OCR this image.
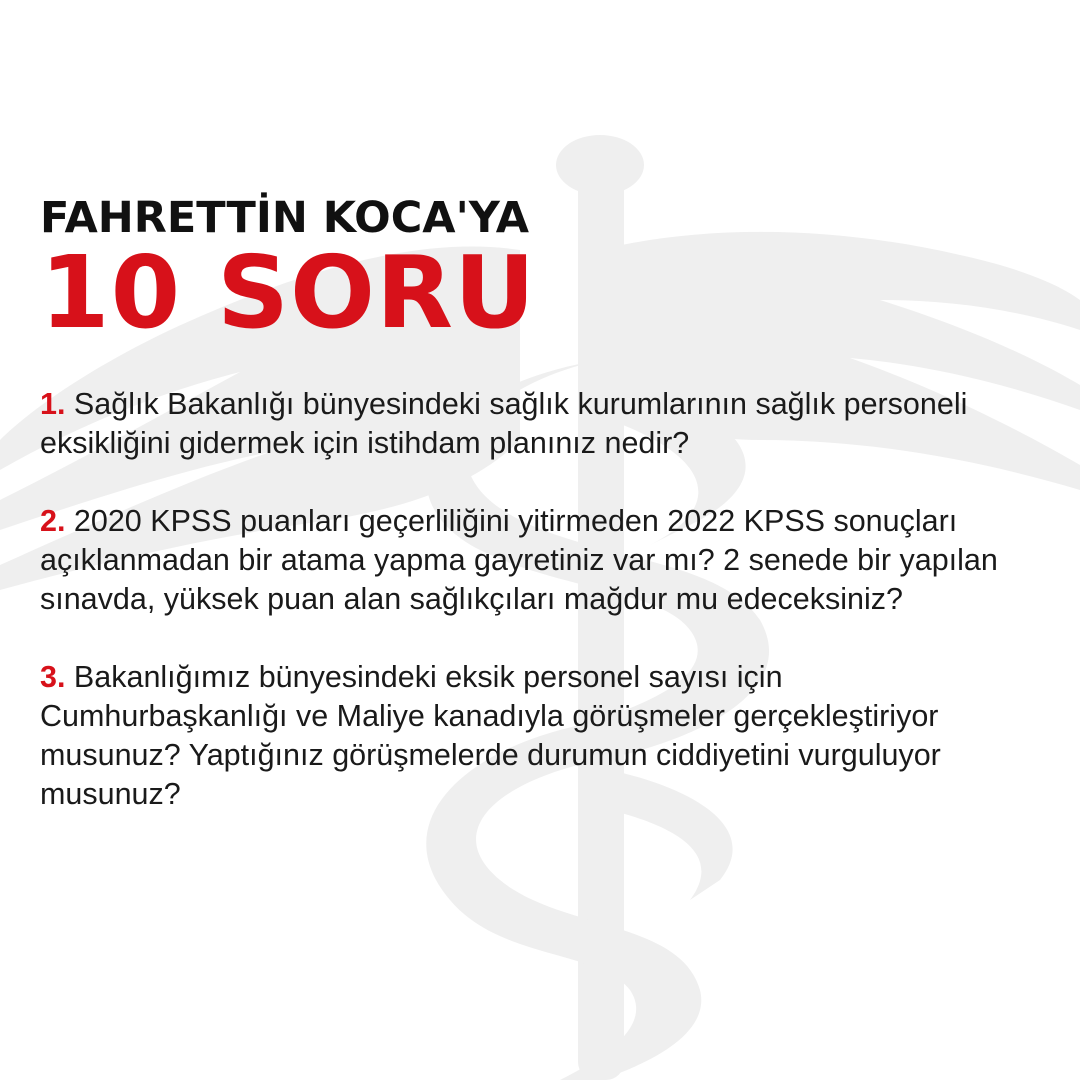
FAHRETTİN KOCA'YA

10 SORU

1. Sağlık Bakanlığı bünyesindeki sağlık kurumlarının sağlık personeli eksikliğini gidermek için istihdam planınız nedir?

2. 2020 KPSS puanları geçerliliğini yitirmeden 2022 KPSS sonuçları açıklanmadan bir atama yapma gayretiniz var mı? 2 senede bir yapılan sınavda, yüksek puan alan sağlıkçıları mağdur mu edeceksiniz?

3. Bakanlığımız bünyesindeki eksik personel sayısı için Cumhurbaşkanlığı ve Maliye kanadıyla görüşmeler gerçekleştiriyor musunuz? Yaptığınız görüşmelerde durumun ciddiyetini vurguluyor musunuz?
